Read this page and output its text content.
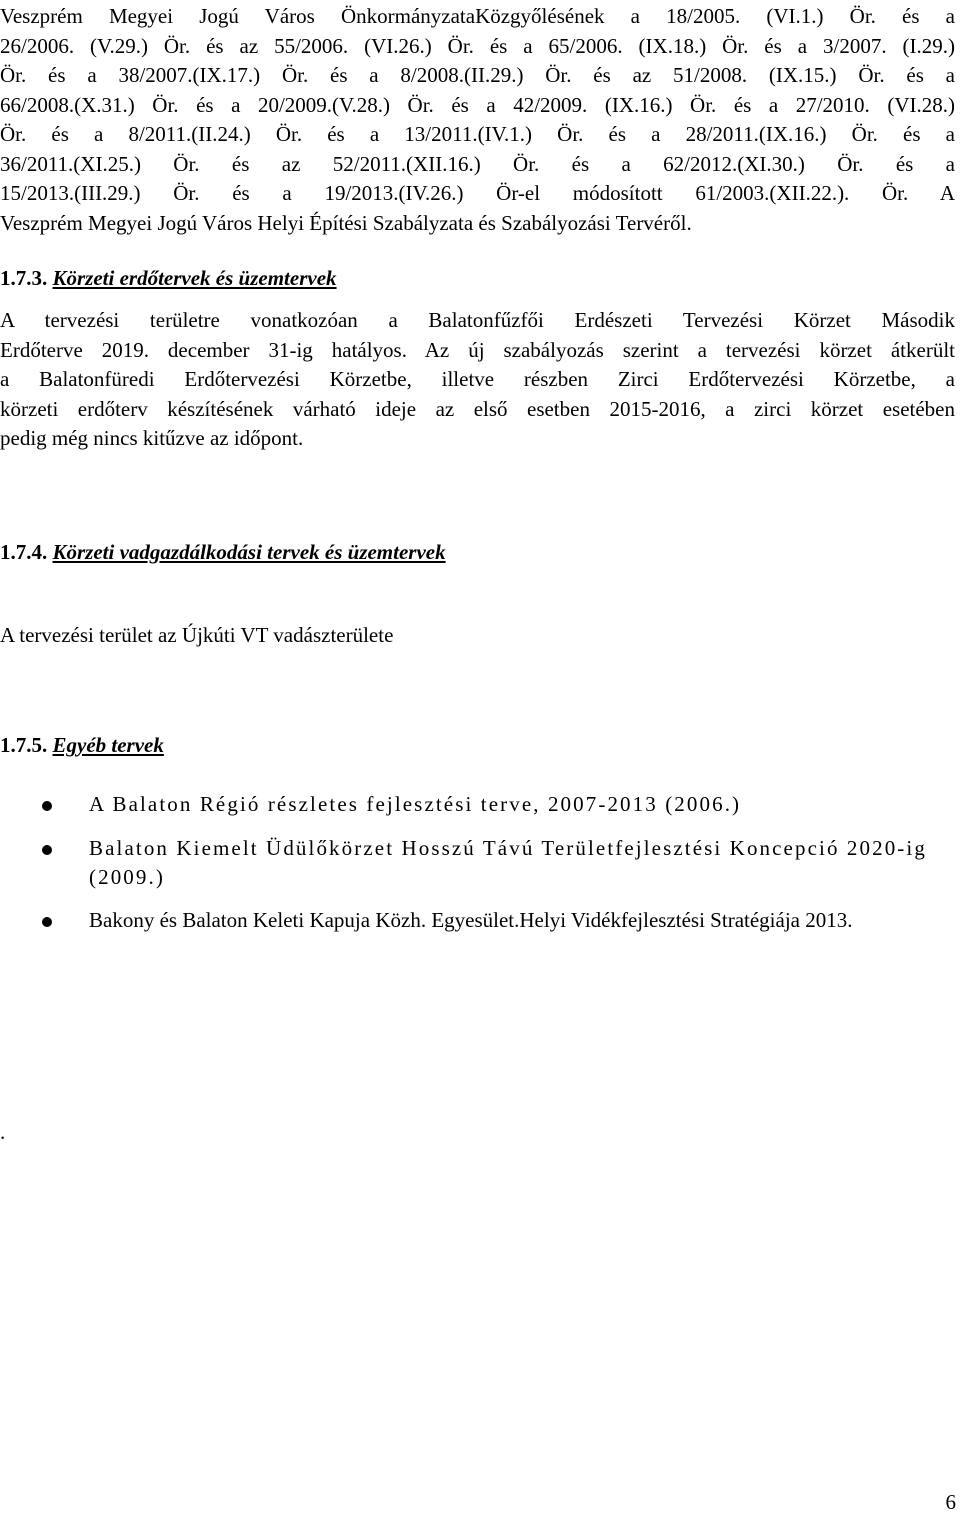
Veszprém Megyei Jogú Város ÖnkormányzataKözgyőlésének a 18/2005. (VI.1.) Ör. és a
26/2006. (V.29.) Ör. és az 55/2006. (VI.26.) Ör. és a 65/2006. (IX.18.) Ör. és a 3/2007. (I.29.)
Ör. és a 38/2007.(IX.17.) Ör. és a 8/2008.(II.29.) Ör. és az 51/2008. (IX.15.) Ör. és a
66/2008.(X.31.) Ör. és a 20/2009.(V.28.) Ör. és a 42/2009. (IX.16.) Ör. és a 27/2010. (VI.28.)
Ör. és a 8/2011.(II.24.) Ör. és a 13/2011.(IV.1.) Ör. és a 28/2011.(IX.16.) Ör. és a
36/2011.(XI.25.) Ör. és az 52/2011.(XII.16.) Ör. és a 62/2012.(XI.30.) Ör. és a
15/2013.(III.29.) Ör. és a 19/2013.(IV.26.) Ör-el módosított 61/2003.(XII.22.). Ör. A
Veszprém Megyei Jogú Város Helyi Építési Szabályzata és Szabályozási Tervéről.

1.7.3. Körzeti erdőtervek és üzemtervek

A tervezési területre vonatkozóan a Balatonfűzfői Erdészeti Tervezési Körzet Második
Erdőterve 2019. december 31-ig hatályos. Az új szabályozás szerint a tervezési körzet átkerült
a Balatonfüredi Erdőtervezési Körzetbe, illetve részben Zirci Erdőtervezési Körzetbe, a
körzeti erdőterv készítésének várható ideje az első esetben 2015-2016, a zirci körzet esetében
pedig még nincs kitűzve az időpont.

1.7.4. Körzeti vadgazdálkodási tervek és üzemtervek

A tervezési terület az Újkúti VT vadászterülete

1.7.5. Egyéb tervek
A Balaton Régió részletes fejlesztési terve, 2007-2013 (2006.)
Balaton Kiemelt Üdülőkörzet Hosszú Távú Területfejlesztési Koncepció 2020-ig (2009.)
Bakony és Balaton Keleti Kapuja Közh. Egyesület.Helyi Vidékfejlesztési Stratégiája 2013.

.

6
